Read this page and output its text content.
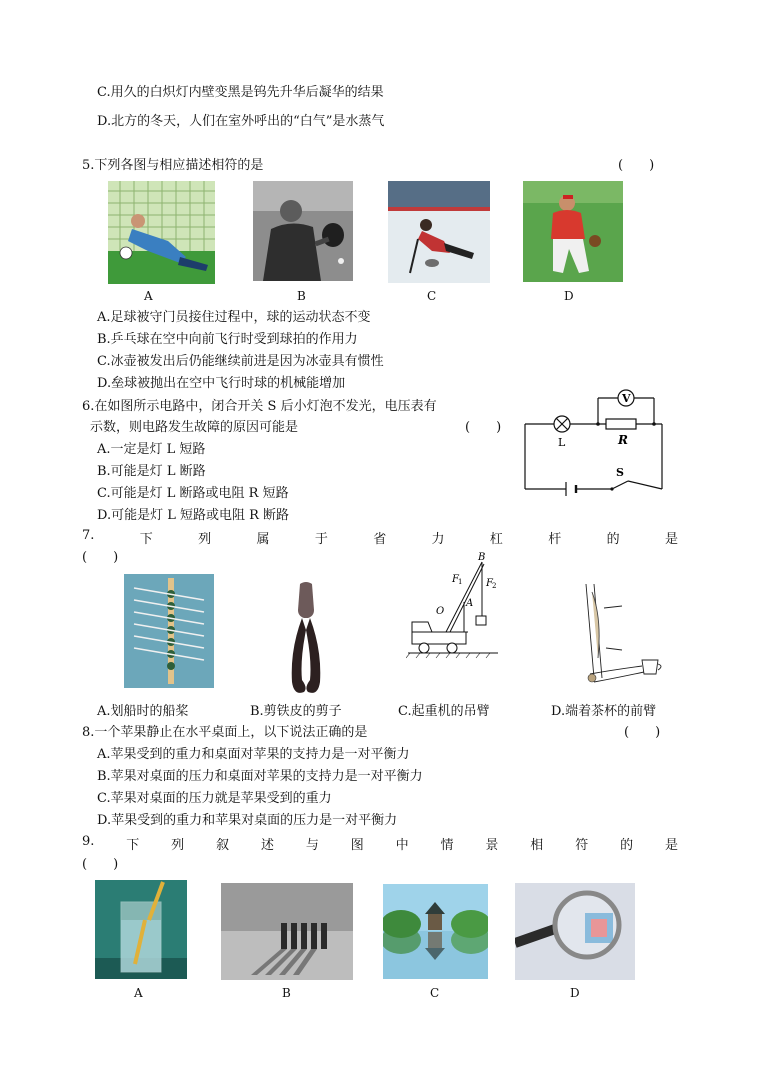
C.用久的白炽灯内壁变黑是钨先升华后凝华的结果
D.北方的冬天，人们在室外呼出的“白气”是水蒸气
5.下列各图与相应描述相符的是	(　　)
A	B	C	D
A.足球被守门员接住过程中，球的运动状态不变
B.乒乓球在空中向前飞行时受到球拍的作用力
C.冰壶被发出后仍能继续前进是因为冰壶具有惯性
D.垒球被抛出在空中飞行时球的机械能增加
6.在如图所示电路中，闭合开关 S 后小灯泡不发光，电压表有
示数，则电路发生故障的原因可能是	(　　)
A.一定是灯 L 短路
B.可能是灯 L 断路
C.可能是灯 L 断路或电阻 R 短路
D.可能是灯 L 短路或电阻 R 断路
V
L	R
S
7.	下	列	属	于	省	力	杠	杆	的	是
(　　)	B
F 1 F 2
O
A
A.划船时的船桨	B.剪铁皮的剪子	C.起重机的吊臂	D.端着茶杯的前臂
8.一个苹果静止在水平桌面上，以下说法正确的是	(　　)
A.苹果受到的重力和桌面对苹果的支持力是一对平衡力
B.苹果对桌面的压力和桌面对苹果的支持力是一对平衡力
C.苹果对桌面的压力就是苹果受到的重力
D.苹果受到的重力和苹果对桌面的压力是一对平衡力
9. 下 列 叙 述 与 图 中 情 景 相 符 的 是
(　　)
A	B	C	D
